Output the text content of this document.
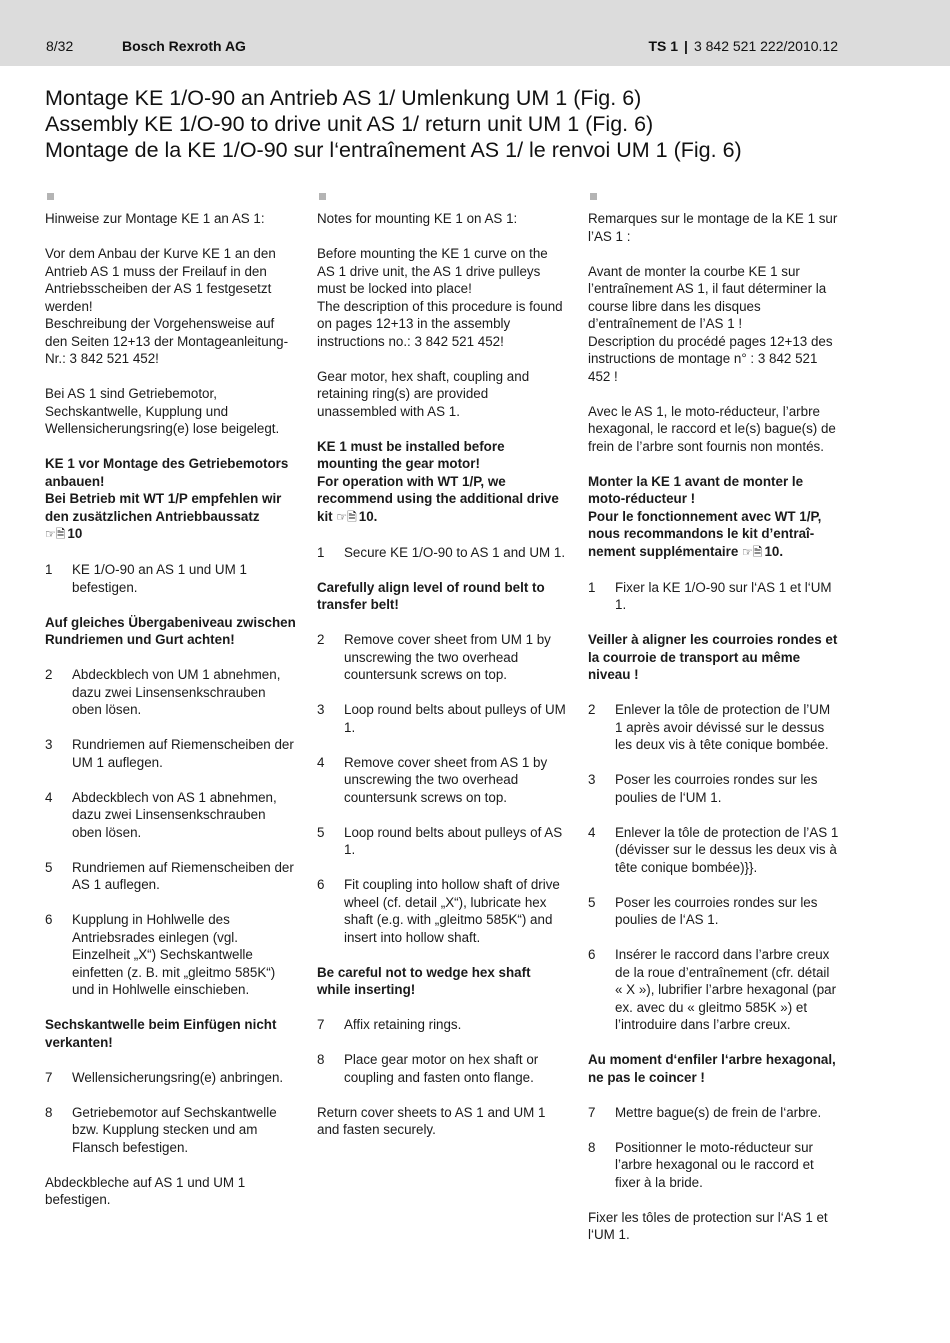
8/32	Bosch Rexroth AG	TS 1 | 3 842 521 222/2010.12
Montage KE 1/O-90 an Antrieb AS 1/ Umlenkung UM 1 (Fig. 6)
Assembly KE 1/O-90 to drive unit AS 1/ return unit UM 1 (Fig. 6)
Montage de la KE 1/O-90 sur l‘entraînement AS 1/ le renvoi UM 1 (Fig. 6)
Hinweise zur Montage KE 1 an AS 1:
Vor dem Anbau der Kurve KE 1 an den Antrieb AS 1 muss der Freilauf in den Antriebsscheiben der AS 1 festgesetzt werden!
Beschreibung der Vorgehensweise auf den Seiten 12+13 der Montageanleitung-Nr.: 3 842 521 452!
Bei AS 1 sind Getriebemotor, Sechskantwelle, Kupplung und Wellensicherungsring(e) lose beigelegt.
KE 1 vor Montage des Getriebemotors anbauen!
Bei Betrieb mit WT 1/P empfehlen wir den zusätzlichen Antriebbaussatz ☞🗎 10
1	KE 1/O-90 an AS 1 und UM 1 befestigen.
Auf gleiches Übergabeniveau zwischen Rundriemen und Gurt achten!
2	Abdeckblech von UM 1 abnehmen, dazu zwei Linsensenkschrauben oben lösen.
3	Rundriemen auf Riemenscheiben der UM 1 auflegen.
4	Abdeckblech von AS 1 abnehmen, dazu zwei Linsensenkschrauben oben lösen.
5	Rundriemen auf Riemenscheiben der AS 1 auflegen.
6	Kupplung in Hohlwelle des Antriebsrades einlegen (vgl. Einzelheit „X“) Sechskantwelle einfetten (z. B. mit „gleitmo 585K“) und in Hohlwelle einschieben.
Sechskantwelle beim Einfügen nicht verkanten!
7	Wellensicherungsring(e) anbringen.
8	Getriebemotor auf Sechskantwelle bzw. Kupplung stecken und am Flansch befestigen.
Abdeckbleche auf AS 1 und UM 1 befestigen.
Notes for mounting KE 1 on AS 1:
Before mounting the KE 1 curve on the AS 1 drive unit, the AS 1 drive pulleys must be locked into place!
The description of this procedure is found on pages 12+13 in the assembly instructions no.: 3 842 521 452!
Gear motor, hex shaft, coupling and retaining ring(s) are provided unassembled with AS 1.
KE 1 must be installed before mounting the gear motor!
For operation with WT 1/P, we recommend using the additional drive kit ☞🗎 10.
1	Secure KE 1/O-90 to AS 1 and UM 1.
Carefully align level of round belt to transfer belt!
2	Remove cover sheet from UM 1 by unscrewing the two overhead countersunk screws on top.
3	Loop round belts about pulleys of UM 1.
4	Remove cover sheet from AS 1 by unscrewing the two overhead countersunk screws on top.
5	Loop round belts about pulleys of AS 1.
6	Fit coupling into hollow shaft of drive wheel (cf. detail „X“), lubricate hex shaft (e.g. with „gleitmo 585K“) and insert into hollow shaft.
Be careful not to wedge hex shaft while inserting!
7	Affix retaining rings.
8	Place gear motor on hex shaft or coupling and fasten onto flange.
Return cover sheets to AS 1 and UM 1 and fasten securely.
Remarques sur le montage de la KE 1 sur l’AS 1 :
Avant de monter la courbe KE 1 sur l’entraînement AS 1, il faut déterminer la course libre dans les disques d’entraînement de l’AS 1 !
Description du procédé pages 12+13 des instructions de montage n° : 3 842 521 452 !
Avec le AS 1, le moto-réducteur, l’arbre hexagonal, le raccord et le(s) bague(s) de frein de l’arbre sont fournis non montés.
Monter la KE 1 avant de monter le moto-réducteur !
Pour le fonctionnement avec WT 1/P, nous recommandons le kit d’entraî-nement supplémentaire ☞🗎 10.
1	Fixer la KE 1/O-90 sur l‘AS 1 et l‘UM 1.
Veiller à aligner les courroies rondes et la courroie de transport au même niveau !
2	Enlever la tôle de protection de l’UM 1 après avoir dévissé sur le dessus les deux vis à tête conique bombée.
3	Poser les courroies rondes sur les poulies de l‘UM 1.
4	Enlever la tôle de protection de l’AS 1 (dévisser sur le dessus les deux vis à tête conique bombée)}}.
5	Poser les courroies rondes sur les poulies de l‘AS 1.
6	Insérer le raccord dans l’arbre creux de la roue d’entraînement (cfr. détail « X »), lubrifier l’arbre hexagonal (par ex. avec du « gleitmo 585K ») et l’introduire dans l’arbre creux.
Au moment d‘enfiler l‘arbre hexagonal, ne pas le coincer !
7	Mettre bague(s) de frein de l‘arbre.
8	Positionner le moto-réducteur sur l’arbre hexagonal ou le raccord et fixer à la bride.
Fixer les tôles de protection sur l‘AS 1 et l‘UM 1.
